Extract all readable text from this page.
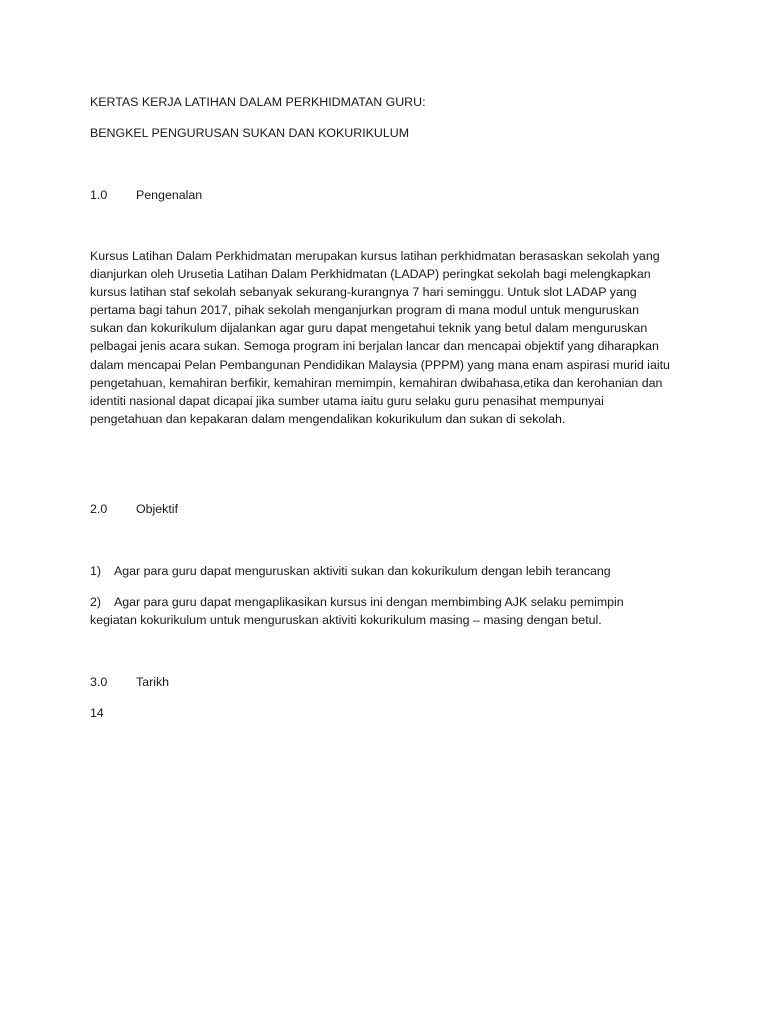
KERTAS KERJA LATIHAN DALAM PERKHIDMATAN GURU:
BENGKEL PENGURUSAN SUKAN DAN KOKURIKULUM
1.0 Pengenalan
Kursus Latihan Dalam Perkhidmatan merupakan kursus latihan perkhidmatan berasaskan sekolah yang
dianjurkan oleh Urusetia Latihan Dalam Perkhidmatan (LADAP) peringkat sekolah bagi melengkapkan
kursus latihan staf sekolah sebanyak sekurang-kurangnya 7 hari seminggu. Untuk slot LADAP yang
pertama bagi tahun 2017, pihak sekolah menganjurkan program di mana modul untuk menguruskan
sukan dan kokurikulum dijalankan agar guru dapat mengetahui teknik yang betul dalam menguruskan
pelbagai jenis acara sukan. Semoga program ini berjalan lancar dan mencapai objektif yang diharapkan
dalam mencapai Pelan Pembangunan Pendidikan Malaysia (PPPM) yang mana enam aspirasi murid iaitu
pengetahuan, kemahiran berfikir, kemahiran memimpin, kemahiran dwibahasa,etika dan kerohanian dan
identiti nasional dapat dicapai jika sumber utama iaitu guru selaku guru penasihat mempunyai
pengetahuan dan kepakaran dalam mengendalikan kokurikulum dan sukan di sekolah.
2.0 Objektif
1) Agar para guru dapat menguruskan aktiviti sukan dan kokurikulum dengan lebih terancang
2) Agar para guru dapat mengaplikasikan kursus ini dengan membimbing AJK selaku pemimpin
kegiatan kokurikulum untuk menguruskan aktiviti kokurikulum masing – masing dengan betul.
3.0 Tarikh
14
